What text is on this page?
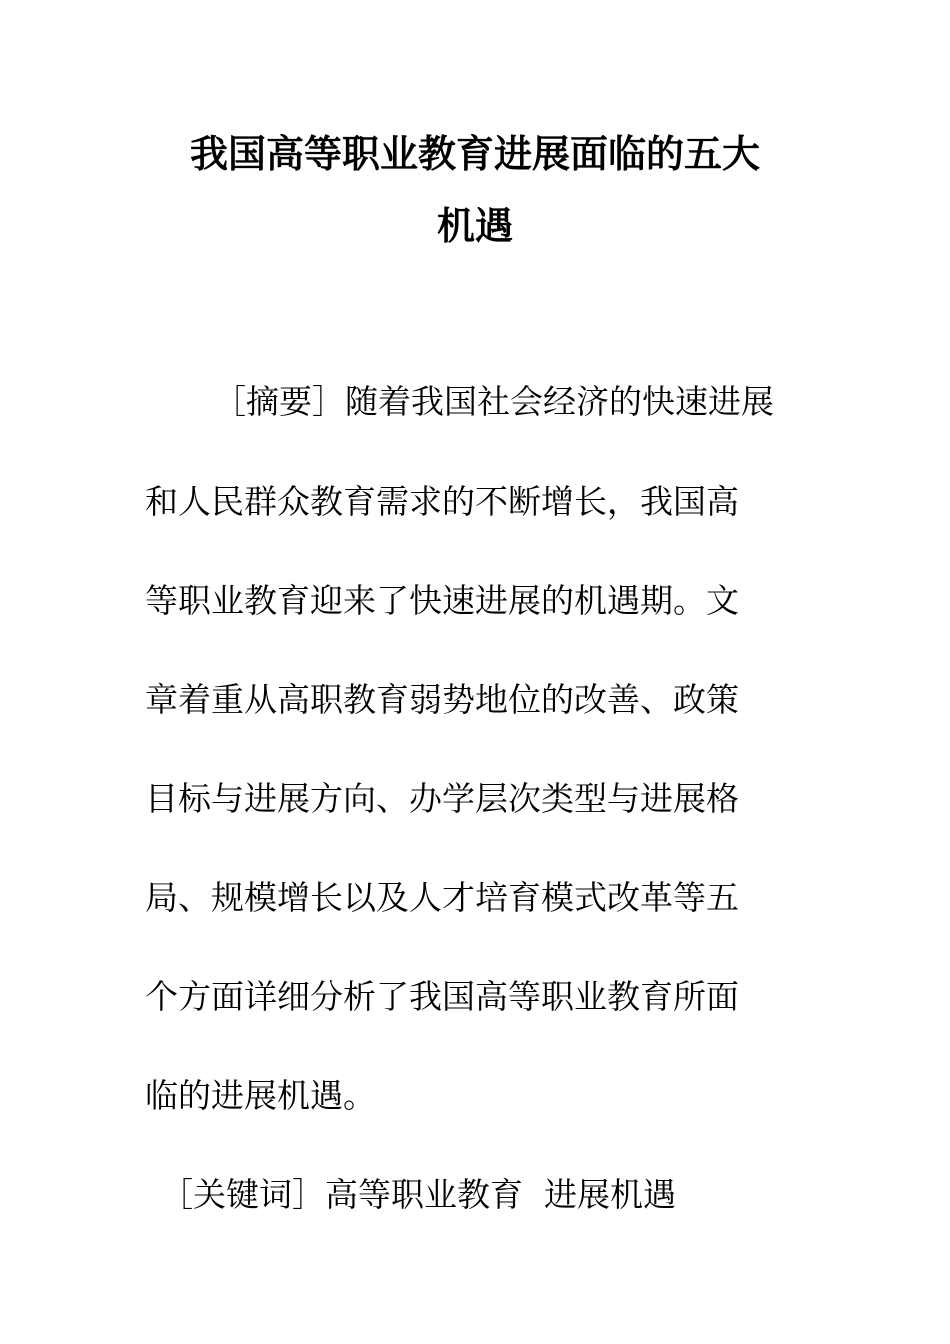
我国高等职业教育进展面临的五大
机遇
［摘要］随着我国社会经济的快速进展
和人民群众教育需求的不断增长，我国高
等职业教育迎来了快速进展的机遇期。文
章着重从高职教育弱势地位的改善、政策
目标与进展方向、办学层次类型与进展格
局、规模增长以及人才培育模式改革等五
个方面详细分析了我国高等职业教育所面
临的进展机遇。
［关键词］高等职业教育  进展机遇
